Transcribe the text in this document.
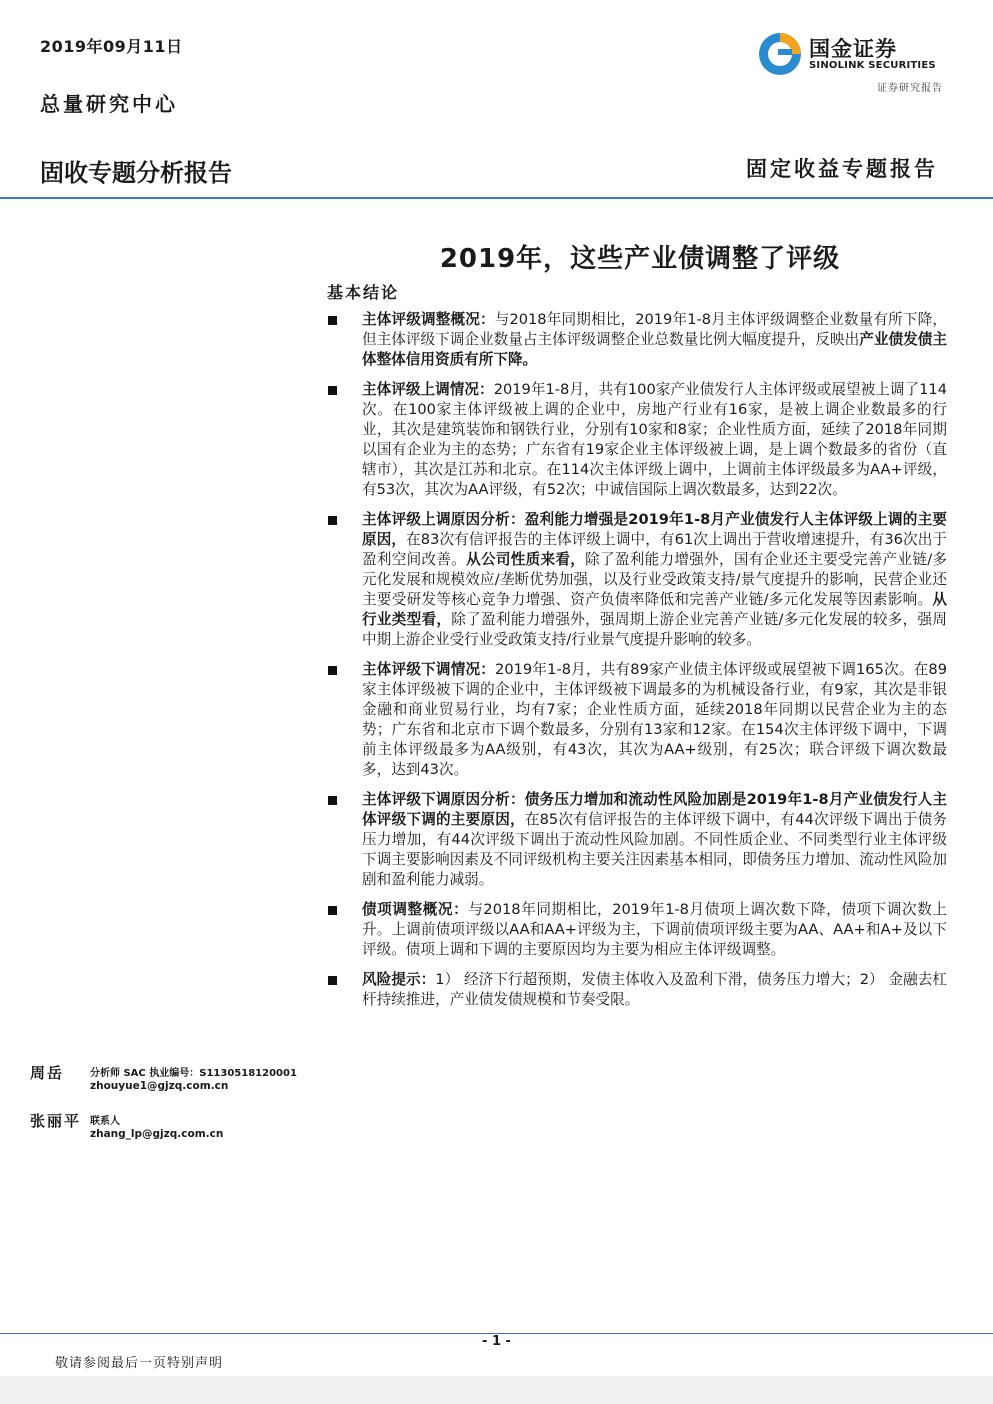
2019年09月11日
总量研究中心
固收专题分析报告	固定收益专题报告
国金证券
SINOLINK SECURITIES
证券研究报告
2019年，这些产业债调整了评级
基本结论
主体评级调整概况：与2018年同期相比，2019年1-8月主体评级调整企业数量有所下降，但主体评级下调企业数量占主体评级调整企业总数量比例大幅度提升，反映出产业债发债主体整体信用资质有所下降。
主体评级上调情况：2019年1-8月，共有100家产业债发行人主体评级或展望被上调了114次。在100家主体评级被上调的企业中，房地产行业有16家，是被上调企业数最多的行业，其次是建筑装饰和钢铁行业，分别有10家和8家；企业性质方面，延续了2018年同期以国有企业为主的态势；广东省有19家企业主体评级被上调，是上调个数最多的省份（直辖市），其次是江苏和北京。在114次主体评级上调中，上调前主体评级最多为AA+评级，有53次，其次为AA评级，有52次；中诚信国际上调次数最多，达到22次。
主体评级上调原因分析：盈利能力增强是2019年1-8月产业债发行人主体评级上调的主要原因，在83次有信评报告的主体评级上调中，有61次上调出于营收增速提升，有36次出于盈利空间改善。从公司性质来看，除了盈利能力增强外，国有企业还主要受完善产业链/多元化发展和规模效应/垄断优势加强，以及行业受政策支持/景气度提升的影响，民营企业还主要受研发等核心竞争力增强、资产负债率降低和完善产业链/多元化发展等因素影响。从行业类型看，除了盈利能力增强外，强周期上游企业完善产业链/多元化发展的较多，强周中期上游企业受行业受政策支持/行业景气度提升影响的较多。
主体评级下调情况：2019年1-8月，共有89家产业债主体评级或展望被下调165次。在89家主体评级被下调的企业中，主体评级被下调最多的为机械设备行业，有9家，其次是非银金融和商业贸易行业，均有7家；企业性质方面，延续2018年同期以民营企业为主的态势；广东省和北京市下调个数最多，分别有13家和12家。在154次主体评级下调中，下调前主体评级最多为AA级别，有43次，其次为AA+级别，有25次；联合评级下调次数最多，达到43次。
主体评级下调原因分析：债务压力增加和流动性风险加剧是2019年1-8月产业债发行人主体评级下调的主要原因，在85次有信评报告的主体评级下调中，有44次评级下调出于债务压力增加，有44次评级下调出于流动性风险加剧。不同性质企业、不同类型行业主体评级下调主要影响因素及不同评级机构主要关注因素基本相同，即债务压力增加、流动性风险加剧和盈利能力减弱。
债项调整概况：与2018年同期相比，2019年1-8月债项上调次数下降，债项下调次数上升。上调前债项评级以AA和AA+评级为主，下调前债项评级主要为AA、AA+和A+及以下评级。债项上调和下调的主要原因均为主要为相应主体评级调整。
风险提示：1） 经济下行超预期，发债主体收入及盈利下滑，债务压力增大；2） 金融去杠杆持续推进，产业债发债规模和节奏受限。
周岳	分析师 SAC 执业编号：S1130518120001
zhouyue1@gjzq.com.cn
张丽平 联系人
zhang_lp@gjzq.com.cn
- 1 -
敬请参阅最后一页特别声明
